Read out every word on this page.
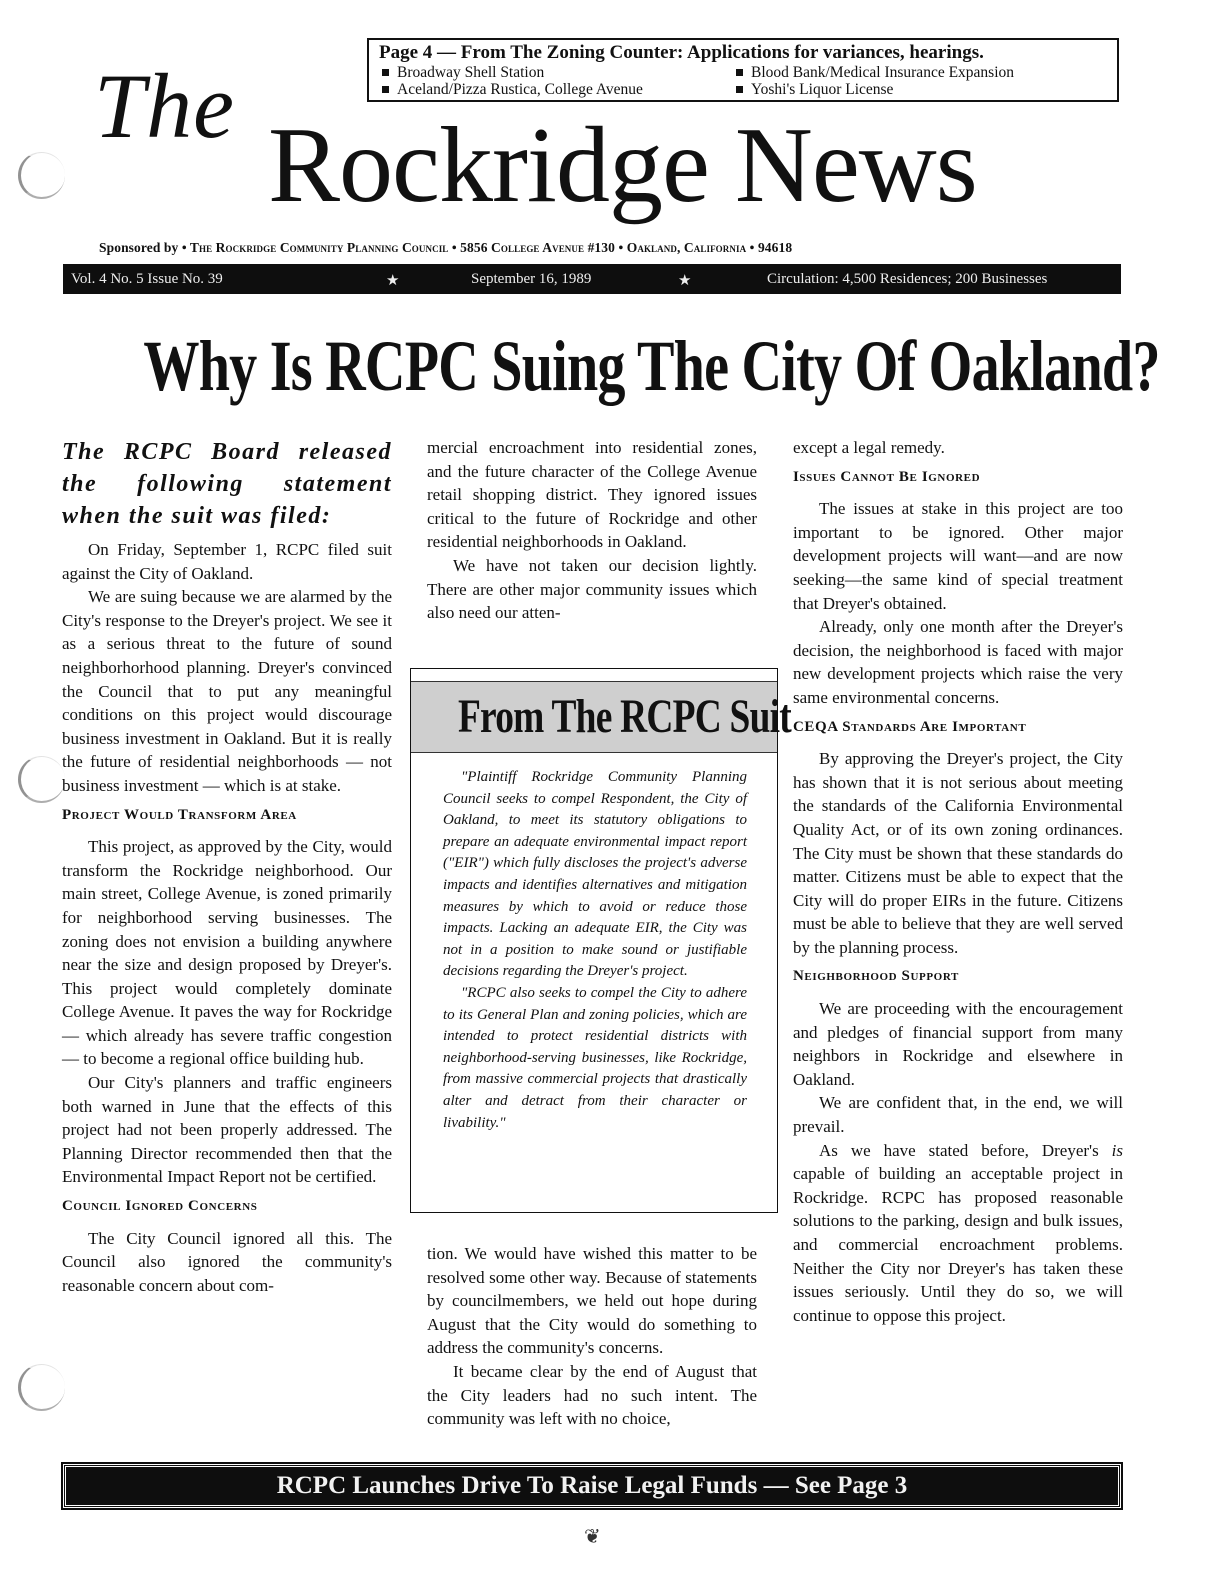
Page 4 — From The Zoning Counter: Applications for variances, hearings.
Broadway Shell Station	Blood Bank/Medical Insurance Expansion
Aceland/Pizza Rustica, College Avenue	Yoshi's Liquor License
The Rockridge News
Sponsored by • The Rockridge Community Planning Council • 5856 College Avenue #130 • Oakland, California • 94618
Vol. 4 No. 5 Issue No. 39	★	September 16, 1989	★	Circulation: 4,500 Residences; 200 Businesses
Why Is RCPC Suing The City Of Oakland?
The RCPC Board released the following statement when the suit was filed:

On Friday, September 1, RCPC filed suit against the City of Oakland.

We are suing because we are alarmed by the City's response to the Dreyer's project. We see it as a serious threat to the future of sound neighborhorhood planning. Dreyer's convinced the Council that to put any meaningful conditions on this project would discourage business investment in Oakland. But it is really the future of residential neighborhoods — not business investment — which is at stake.

Project Would Transform Area

This project, as approved by the City, would transform the Rockridge neighborhood. Our main street, College Avenue, is zoned primarily for neighborhood serving businesses. The zoning does not envision a building anywhere near the size and design proposed by Dreyer's. This project would completely dominate College Avenue. It paves the way for Rockridge — which already has severe traffic congestion — to become a regional office building hub.

Our City's planners and traffic engineers both warned in June that the effects of this project had not been properly addressed. The Planning Director recommended then that the Environmental Impact Report not be certified.

Council Ignored Concerns

The City Council ignored all this. The Council also ignored the community's reasonable concern about com-

mercial encroachment into residential zones, and the future character of the College Avenue retail shopping district. They ignored issues critical to the future of Rockridge and other residential neighborhoods in Oakland.

We have not taken our decision lightly. There are other major community issues which also need our atten-

From The RCPC Suit

"Plaintiff Rockridge Community Planning Council seeks to compel Respondent, the City of Oakland, to meet its statutory obligations to prepare an adequate environmental impact report ("EIR") which fully discloses the project's adverse impacts and identifies alternatives and mitigation measures by which to avoid or reduce those impacts. Lacking an adequate EIR, the City was not in a position to make sound or justifiable decisions regarding the Dreyer's project.

"RCPC also seeks to compel the City to adhere to its General Plan and zoning policies, which are intended to protect residential districts with neighborhood-serving businesses, like Rockridge, from massive commercial projects that drastically alter and detract from their character or livability."

tion. We would have wished this matter to be resolved some other way. Because of statements by councilmembers, we held out hope during August that the City would do something to address the community's concerns.

It became clear by the end of August that the City leaders had no such intent. The community was left with no choice,

except a legal remedy.

Issues Cannot Be Ignored

The issues at stake in this project are too important to be ignored. Other major development projects will want—and are now seeking—the same kind of special treatment that Dreyer's obtained.

Already, only one month after the Dreyer's decision, the neighborhood is faced with major new development projects which raise the very same environmental concerns.

CEQA Standards Are Important

By approving the Dreyer's project, the City has shown that it is not serious about meeting the standards of the California Environmental Quality Act, or of its own zoning ordinances. The City must be shown that these standards do matter. Citizens must be able to expect that the City will do proper EIRs in the future. Citizens must be able to believe that they are well served by the planning process.

Neighborhood Support

We are proceeding with the encouragement and pledges of financial support from many neighbors in Rockridge and elsewhere in Oakland.

We are confident that, in the end, we will prevail.

As we have stated before, Dreyer's is capable of building an acceptable project in Rockridge. RCPC has proposed reasonable solutions to the parking, design and bulk issues, and commercial encroachment problems. Neither the City nor Dreyer's has taken these issues seriously. Until they do so, we will continue to oppose this project.

RCPC Launches Drive To Raise Legal Funds — See Page 3
❦
